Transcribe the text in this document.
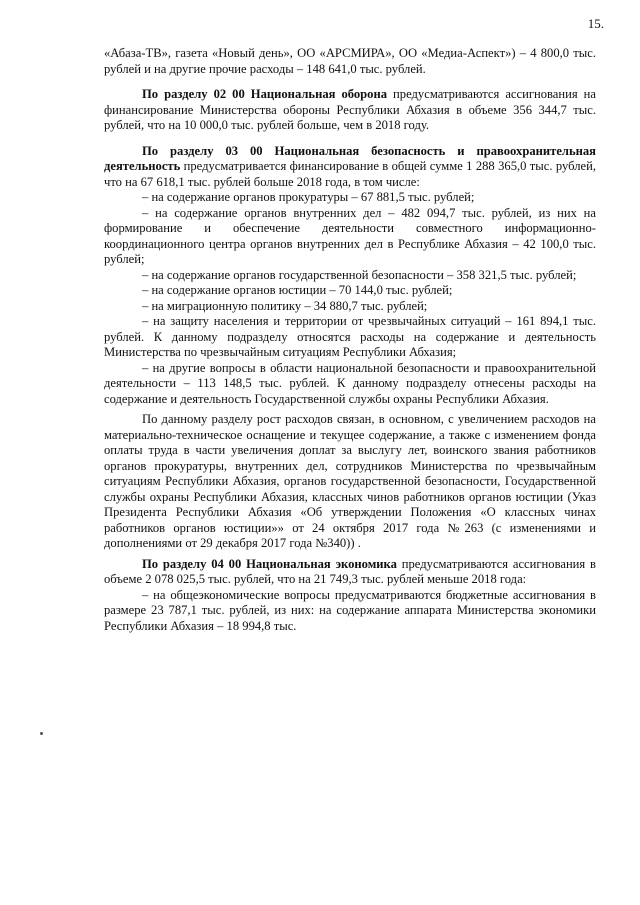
15.

«Абаза-ТВ», газета «Новый день», ОО «АРСМИРА», ОО «Медиа-Аспект») – 4 800,0 тыс. рублей и на другие прочие расходы – 148 641,0 тыс. рублей.

По разделу 02 00 Национальная оборона предусматриваются ассигнования на финансирование Министерства обороны Республики Абхазия в объеме 356 344,7 тыс. рублей, что на 10 000,0 тыс. рублей больше, чем в 2018 году.

По разделу 03 00 Национальная безопасность и правоохранительная деятельность предусматривается финансирование в общей сумме 1 288 365,0 тыс. рублей, что на 67 618,1 тыс. рублей больше 2018 года, в том числе:

– на содержание органов прокуратуры – 67 881,5 тыс. рублей;

– на содержание органов внутренних дел – 482 094,7 тыс. рублей, из них на формирование и обеспечение деятельности совместного информационно-координационного центра органов внутренних дел в Республике Абхазия – 42 100,0 тыс. рублей;

– на содержание органов государственной безопасности – 358 321,5 тыс. рублей;

– на содержание органов юстиции – 70 144,0 тыс. рублей;

– на миграционную политику – 34 880,7 тыс. рублей;

– на защиту населения и территории от чрезвычайных ситуаций – 161 894,1 тыс. рублей. К данному подразделу относятся расходы на содержание и деятельность Министерства по чрезвычайным ситуациям Республики Абхазия;

– на другие вопросы в области национальной безопасности и правоохранительной деятельности – 113 148,5 тыс. рублей. К данному подразделу отнесены расходы на содержание и деятельность Государственной службы охраны Республики Абхазия.

По данному разделу рост расходов связан, в основном, с увеличением расходов на материально-техническое оснащение и текущее содержание, а также с изменением фонда оплаты труда в части увеличения доплат за выслугу лет, воинского звания работников органов прокуратуры, внутренних дел, сотрудников Министерства по чрезвычайным ситуациям Республики Абхазия, органов государственной безопасности, Государственной службы охраны Республики Абхазия, классных чинов работников органов юстиции (Указ Президента Республики Абхазия «Об утверждении Положения «О классных чинах работников органов юстиции»» от 24 октября 2017 года №263 (с изменениями и дополнениями от 29 декабря 2017 года №340)) .

По разделу 04 00 Национальная экономика предусматриваются ассигнования в объеме 2 078 025,5 тыс. рублей, что на 21 749,3 тыс. рублей меньше 2018 года:

– на общеэкономические вопросы предусматриваются бюджетные ассигнования в размере 23 787,1 тыс. рублей, из них: на содержание аппарата Министерства экономики Республики Абхазия – 18 994,8 тыс.
